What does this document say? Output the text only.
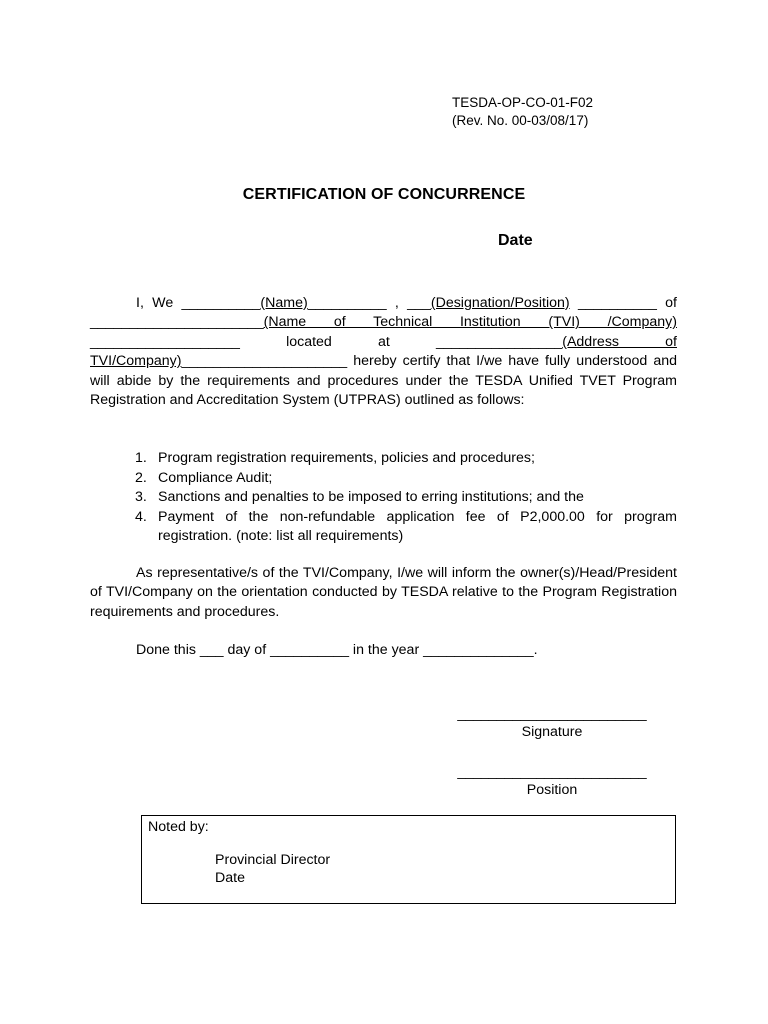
TESDA-OP-CO-01-F02
(Rev. No. 00-03/08/17)
CERTIFICATION OF CONCURRENCE
Date
I, We __________(Name)__________ , ___(Designation/Position) __________ of ______________________(Name of Technical Institution (TVI) /Company) ___________________ located at ________________(Address of TVI/Company)_____________________ hereby certify that I/we have fully understood and will abide by the requirements and procedures under the TESDA Unified TVET Program Registration and Accreditation System (UTPRAS) outlined as follows:
1. Program registration requirements, policies and procedures;
2. Compliance Audit;
3. Sanctions and penalties to be imposed to erring institutions; and the
4. Payment of the non-refundable application fee of P2,000.00 for program registration. (note: list all requirements)
As representative/s of the TVI/Company, I/we will inform the owner(s)/Head/President of TVI/Company on the orientation conducted by TESDA relative to the Program Registration requirements and procedures.
Done this ___ day of __________ in the year ______________.
________________________
Signature
________________________
Position
Noted by:
Provincial Director
Date
